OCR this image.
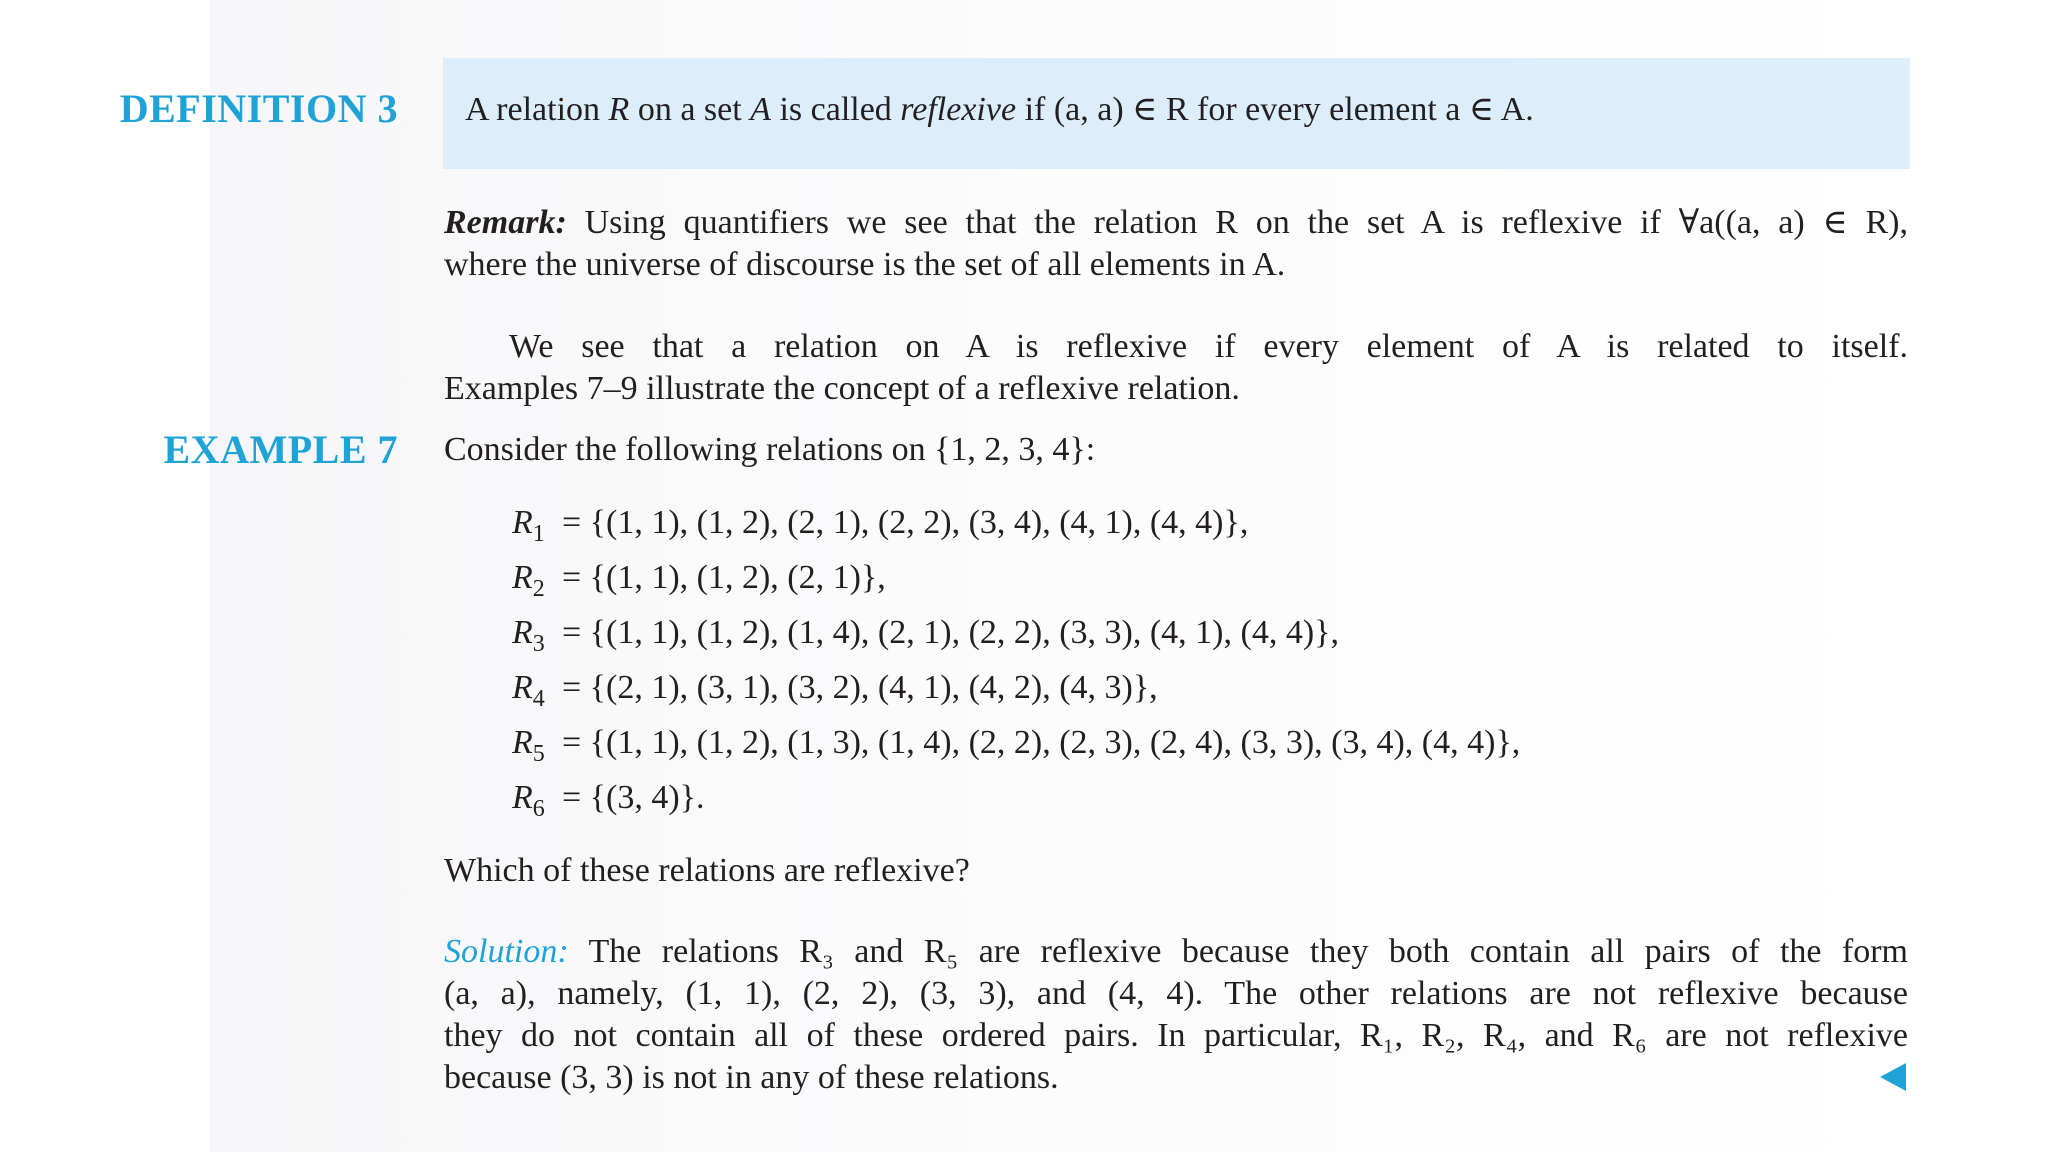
DEFINITION 3 A relation R on a set A is called reflexive if (a, a) ∈ R for every element a ∈ A.
Remark: Using quantifiers we see that the relation R on the set A is reflexive if ∀a((a, a) ∈ R),
where the universe of discourse is the set of all elements in A.
We see that a relation on A is reflexive if every element of A is related to itself.
Examples 7–9 illustrate the concept of a reflexive relation.
EXAMPLE 7 Consider the following relations on {1, 2, 3, 4}:
$R_1 = \{(1$, 1), (1, 2), (2, 1), (2, 2), (3, 4), (4, 1), (4, 4)},
$R_2 = \{(1$, 1), (1, 2), (2, 1)},
$R_3 = \{(1$, 1), (1, 2), (1, 4), (2, 1), (2, 2), (3, 3), (4, 1), (4, 4)},
$R_4 = \{(2$, 1), (3, 1), (3, 2), (4, 1), (4, 2), (4, 3)},
$R_5 = \{(1$, 1), (1, 2), (1, 3), (1, 4), (2, 2), (2, 3), (2, 4), (3, 3), (3, 4), (4, 4)},
$R_6 = \{(3$, 4)}.
Which of these relations are reflexive?
Solution: The relations R₃ and R₅ are reflexive because they both contain all pairs of the form
(a, a), namely, (1, 1), (2, 2), (3, 3), and (4, 4). The other relations are not reflexive because
they do not contain all of these ordered pairs. In particular, R₁, R₂, R₄, and R₆ are not reflexive
because (3, 3) is not in any of these relations.
